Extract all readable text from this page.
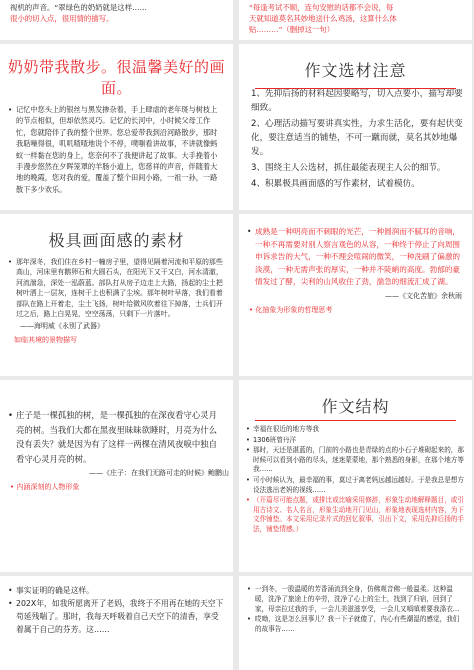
视机的声音。“翠绿色的奶奶就是这样……
很小的切入点，很用情的描写。
“每逢考试不顺，连句安慰的话都不会说，每
天就知道莫名其妙地送什么鸡汤，这算什么体
贴………”（删掉这一句）
奶奶带我散步。很温馨美好的画面。
• 记忆中您头上的银丝与黑发掺杂着，手上肆虐的老年斑与树枝上的节点相似，但却依然灵巧。记忆的长河中，小时候父母工作忙，您就陪伴了我的整个世界。您总爱带我到沿河路散步，那时我聒噪得很，叽叽喳喳地说个不停，噗嗤看讲故事，不讲就像蚂蚁一样黏在您的身上，您奈何不了我便讲起了故事。大手挽着小手漫步悠然在夕晖笼罩的羊肠小道上，您慈祥的声音，伴随着大地的晚霞，您对我的爱，覆盖了整个田间小路，一祖一孙，一路散下多少欢乐。
作文选材注意
1、先抑后扬的材料起因要略写，切入点要小，描写却要细致。
2、心理活动描写要讲真实性，力求生活化，要有起伏变化，要注意适当的铺垫，不可一蹴而就，莫名其妙地爆发。
3、围绕主人公选材，抓住最能表现主人公的细节。
4、积累极具画面感的写作素材，试着模仿。
极具画面感的素材
• 那年深冬，我们住在乡村一幢房子里，望得见隔着河流和平原的那些高山，河床里有鹅卵石和大圆石头，在阳光下又干又白，河水清澈，河流湍急，深处一泓蔚蓝。部队打从房子边走上大路，扬起的尘土把树叶洒上一层灰，连树干上也积满了尘埃。那年树叶早落，我们看着部队在路上开着走，尘土飞扬，树叶给微风吹着往下掉落，士兵们开过之后，路上白晃晃，空空荡荡，只剩下一片落叶。
——海明威《永别了武器》
如临其境的景物描写
• 成熟是一种明亮而不刺眼的光芒，一种圆润而不腻耳的音响，一种不再需要对别人察言观色的从容，一种终于停止了向周围申诉求告的大气，一种不理会喧闹的微笑，一种洗刷了偏激的淡漠，一种无需声张的厚实，一种并不陡峭的高度。勃郁的豪情发过了酵，尖利的山风收住了劲，湍急的细流汇成了湖。
——《文化苦旅》余秋雨
• 化抽象为形象的哲理思考
• 庄子是一棵孤独的树，是一棵孤独的在深夜看守心灵月亮的树。当我们大都在黑夜里昧昧欲睡时，月亮为什么没有丢失？就是因为有了这样一两棵在清风夜唳中独自看守心灵月亮的树。
——《庄子：在我们无路可走的时候》鲍鹏山
• 内涵深刻的人物形象
作文结构
• 幸福在很近的地方等我
• 1306班曾丹洋
• 那时，天还是湛蓝的，门前的小路也是青绿的点的小石子堆砌起来的，那时候可以看到小路的尽头，迷迷蒙蒙地，那个熟悉的身影，在那个地方等我……
• 可小时候认为，最幸福的事，莫过于离老妈远越远越好。于是我总是想方设法逃出老妈的视线……
• （开篇尽可能点题，或排比或比喻采用修辞，形象生动地解释题目，或引用古诗文、名人名言，形象生动地开门见山，形象地表现选材内容，为下文作铺垫。本文采用记录片式的回忆叙事，引出下文，采用先抑后扬的手法，铺垫情感。）
• 事实证明的确是这样。
• 202X年，如我所愿离开了老妈，我终于不用再在她的天空下苟延残喘了。那时，我每天呼吸着自己天空下的清香，享受着属于自己的芬芳。这……
• 一到冬，一股温暖的芳香涌流到全身，仿佛观音佛一般温柔。这种温暖，洗净了旅途上的辛劳，洗净了心上的尘土，找到了归宿，回到了家，母亲拉过我的手，一会儿美滋滋享受，一会儿又嗔嗔着要我涤衣…
• 哎呦，这是怎么回事儿？我一下子就傻了，内心有些潮湿的感觉，我们的故事告……
